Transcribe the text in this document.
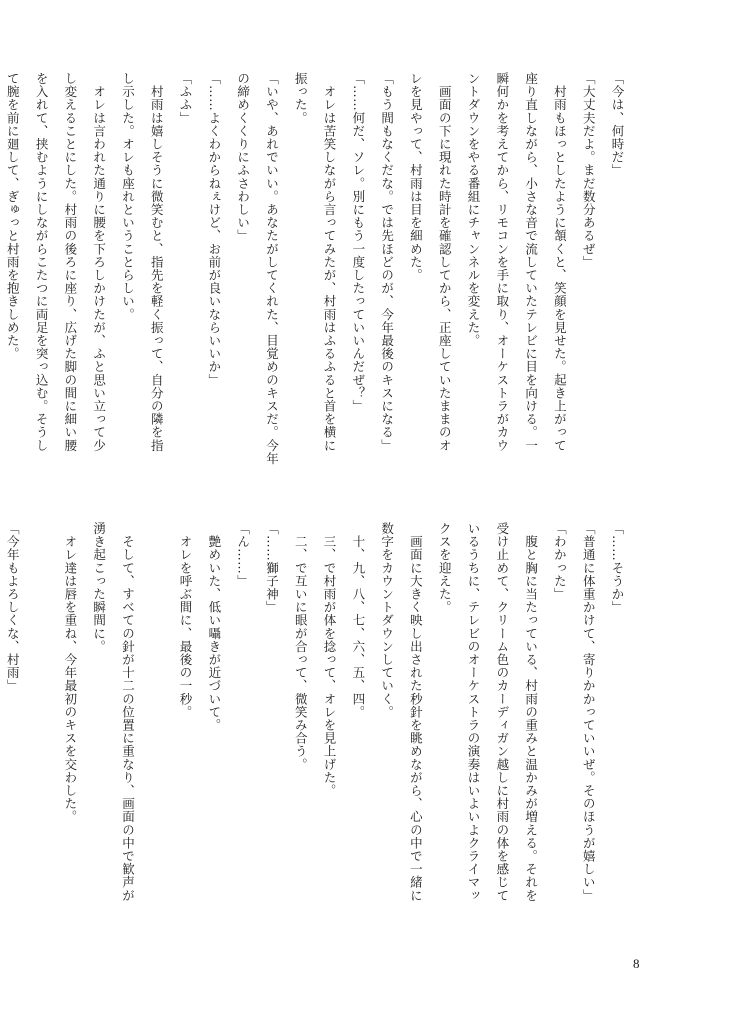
「今は、何時だ」
「大丈夫だよ。まだ数分あるぜ」
　村雨もほっとしたように頷くと、笑顔を見せた。起き上がって
座り直しながら、小さな音で流していたテレビに目を向ける。一
瞬何かを考えてから、リモコンを手に取り、オーケストラがカウ
ントダウンをやる番組にチャンネルを変えた。
　画面の下に現れた時計を確認してから、正座していたままのオ
レを見やって、村雨は目を細めた。
「もう間もなくだな。では先ほどのが、今年最後のキスになる」
「……何だ、ソレ。別にもう一度したっていいんだぜ？」
　オレは苦笑しながら言ってみたが、村雨はふるふると首を横に
振った。
「いや、あれでいい。あなたがしてくれた、目覚めのキスだ。今年
の締めくくりにふさわしい」
「……よくわからねぇけど、お前が良いならいいか」
「ふふ」
　村雨は嬉しそうに微笑むと、指先を軽く振って、自分の隣を指
し示した。オレも座れということらしい。
　オレは言われた通りに腰を下ろしかけたが、ふと思い立って少
し変えることにした。村雨の後ろに座り、広げた脚の間に細い腰
を入れて、挟むようにしながらこたつに両足を突っ込む。そうし
て腕を前に廻して、ぎゅっと村雨を抱きしめた。
「……そうか」
「普通に体重かけて、寄りかかっていいぜ。そのほうが嬉しい」
「わかった」
　腹と胸に当たっている、村雨の重みと温かみが増える。それを
受け止めて、クリーム色のカーディガン越しに村雨の体を感じて
いるうちに、テレビのオーケストラの演奏はいよいよクライマッ
クスを迎えた。
　画面に大きく映し出された秒針を眺めながら、心の中で一緒に
数字をカウントダウンしていく。
　十、九、八、七、六、五、四。
　三、で村雨が体を捻って、オレを見上げた。
　二、で互いに眼が合って、微笑み合う。
「……獅子神」
「ん……」
　艶めいた、低い囁きが近づいて。
　オレを呼ぶ間に、最後の一秒。

　そして、すべての針が十二の位置に重なり、画面の中で歓声が
湧き起こった瞬間に。
　オレ達は唇を重ね、今年最初のキスを交わした。

「今年もよろしくな、村雨」
8
